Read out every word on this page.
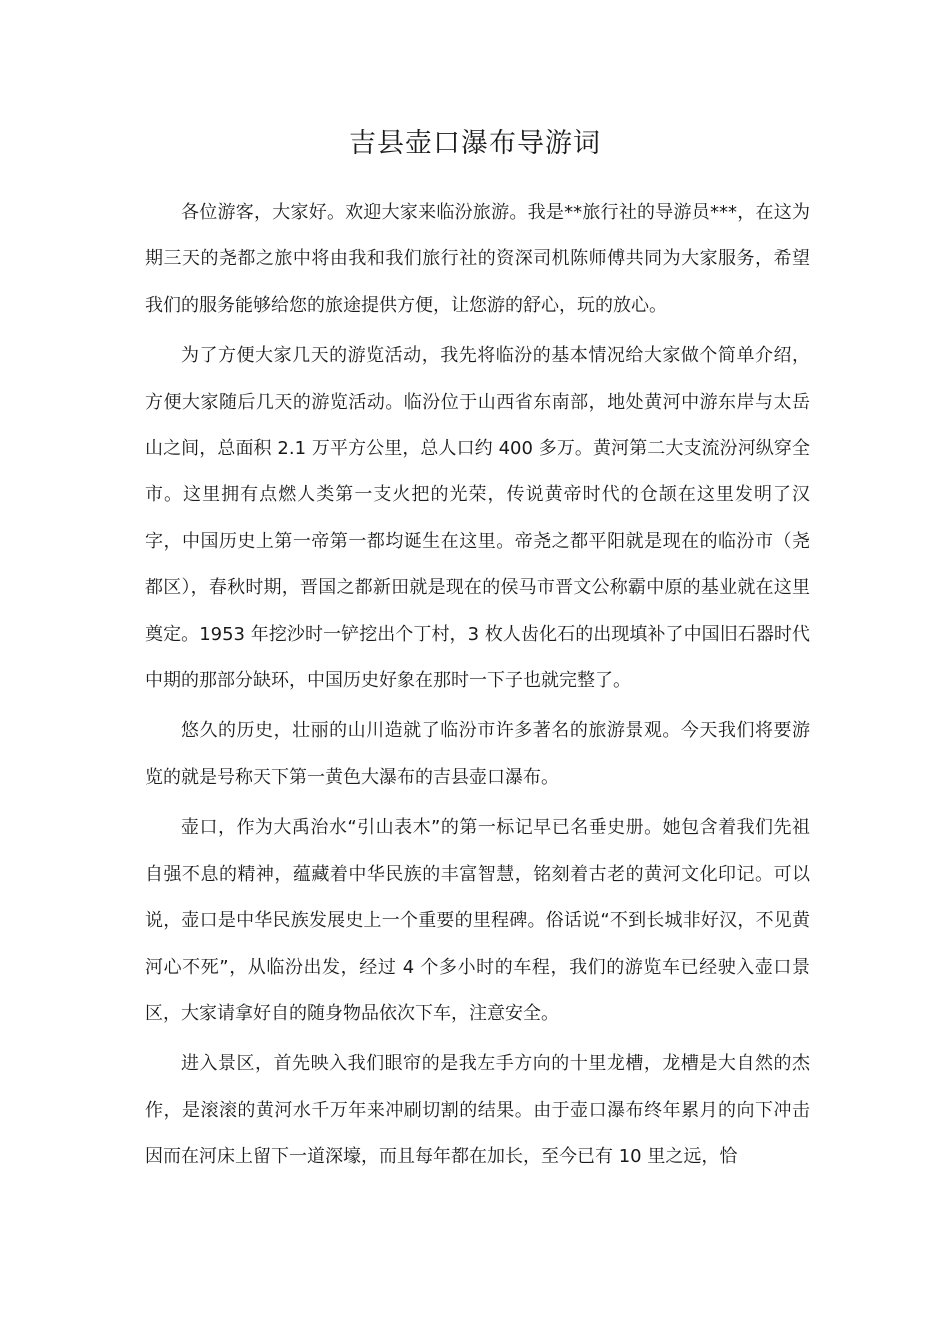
吉县壶口瀑布导游词

各位游客，大家好。欢迎大家来临汾旅游。我是**旅行社的导游员***，在这为期三天的尧都之旅中将由我和我们旅行社的资深司机陈师傅共同为大家服务，希望我们的服务能够给您的旅途提供方便，让您游的舒心，玩的放心。

为了方便大家几天的游览活动，我先将临汾的基本情况给大家做个简单介绍，方便大家随后几天的游览活动。临汾位于山西省东南部，地处黄河中游东岸与太岳山之间，总面积 2.1 万平方公里，总人口约 400 多万。黄河第二大支流汾河纵穿全市。这里拥有点燃人类第一支火把的光荣，传说黄帝时代的仓颉在这里发明了汉字，中国历史上第一帝第一都均诞生在这里。帝尧之都平阳就是现在的临汾市（尧都区），春秋时期，晋国之都新田就是现在的侯马市晋文公称霸中原的基业就在这里奠定。1953 年挖沙时一铲挖出个丁村，3 枚人齿化石的出现填补了中国旧石器时代中期的那部分缺环，中国历史好象在那时一下子也就完整了。

悠久的历史，壮丽的山川造就了临汾市许多著名的旅游景观。今天我们将要游览的就是号称天下第一黄色大瀑布的吉县壶口瀑布。

壶口，作为大禹治水“引山表木”的第一标记早已名垂史册。她包含着我们先祖自强不息的精神，蕴藏着中华民族的丰富智慧，铭刻着古老的黄河文化印记。可以说，壶口是中华民族发展史上一个重要的里程碑。俗话说“不到长城非好汉，不见黄河心不死”，从临汾出发，经过 4 个多小时的车程，我们的游览车已经驶入壶口景区，大家请拿好自的随身物品依次下车，注意安全。

进入景区，首先映入我们眼帘的是我左手方向的十里龙槽，龙槽是大自然的杰作，是滚滚的黄河水千万年来冲刷切割的结果。由于壶口瀑布终年累月的向下冲击因而在河床上留下一道深壕，而且每年都在加长，至今已有 10 里之远，恰
